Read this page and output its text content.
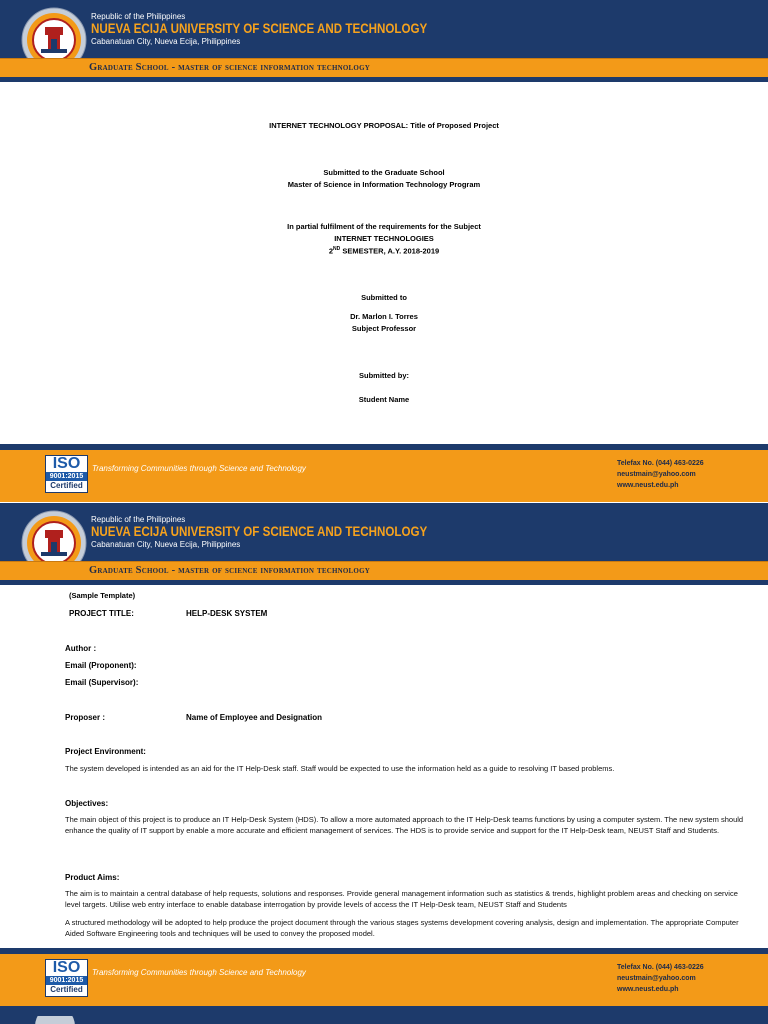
Republic of the Philippines
NUEVA ECIJA UNIVERSITY OF SCIENCE AND TECHNOLOGY
Cabanatuan City, Nueva Ecija, Philippines
Graduate School - master of science information technology
INTERNET TECHNOLOGY PROPOSAL: Title of Proposed Project
Submitted to the Graduate School
Master of Science in Information Technology Program
In partial fulfilment of the requirements for the Subject
INTERNET TECHNOLOGIES
2ND SEMESTER, A.Y. 2018-2019
Submitted to
Dr. Marlon I. Torres
Subject Professor
Submitted by:
Student Name
ISO
9001:2015
Certified
Transforming Communities through Science and Technology
Telefax No. (044) 463-0226
neustmain@yahoo.com
www.neust.edu.ph
Republic of the Philippines
NUEVA ECIJA UNIVERSITY OF SCIENCE AND TECHNOLOGY
Cabanatuan City, Nueva Ecija, Philippines
Graduate School - master of science information technology
(Sample Template)
PROJECT TITLE:	HELP-DESK SYSTEM
Author :
Email (Proponent):
Email (Supervisor):
Proposer :	Name of Employee and Designation
Project Environment:
The system developed is intended as an aid for the IT Help-Desk staff. Staff would be expected to use the information held as a guide to resolving IT based problems.
Objectives:
The main object of this project is to produce an IT Help-Desk System (HDS). To allow a more automated approach to the IT Help-Desk teams functions by using a computer system. The new system should enhance the quality of IT support by enable a more accurate and efficient management of services. The HDS is to provide service and support for the IT Help-Desk team, NEUST Staff and Students.
Product Aims:
The aim is to maintain a central database of help requests, solutions and responses. Provide general management information such as statistics & trends, highlight problem areas and checking on service level targets. Utilise web entry interface to enable database interrogation by provide levels of access the IT Help-Desk team, NEUST Staff and Students
A structured methodology will be adopted to help produce the project document through the various stages systems development covering analysis, design and implementation. The appropriate Computer Aided Software Engineering tools and techniques will be used to convey the proposed model.
ISO
9001:2015
Certified
Transforming Communities through Science and Technology
Telefax No. (044) 463-0226
neustmain@yahoo.com
www.neust.edu.ph
